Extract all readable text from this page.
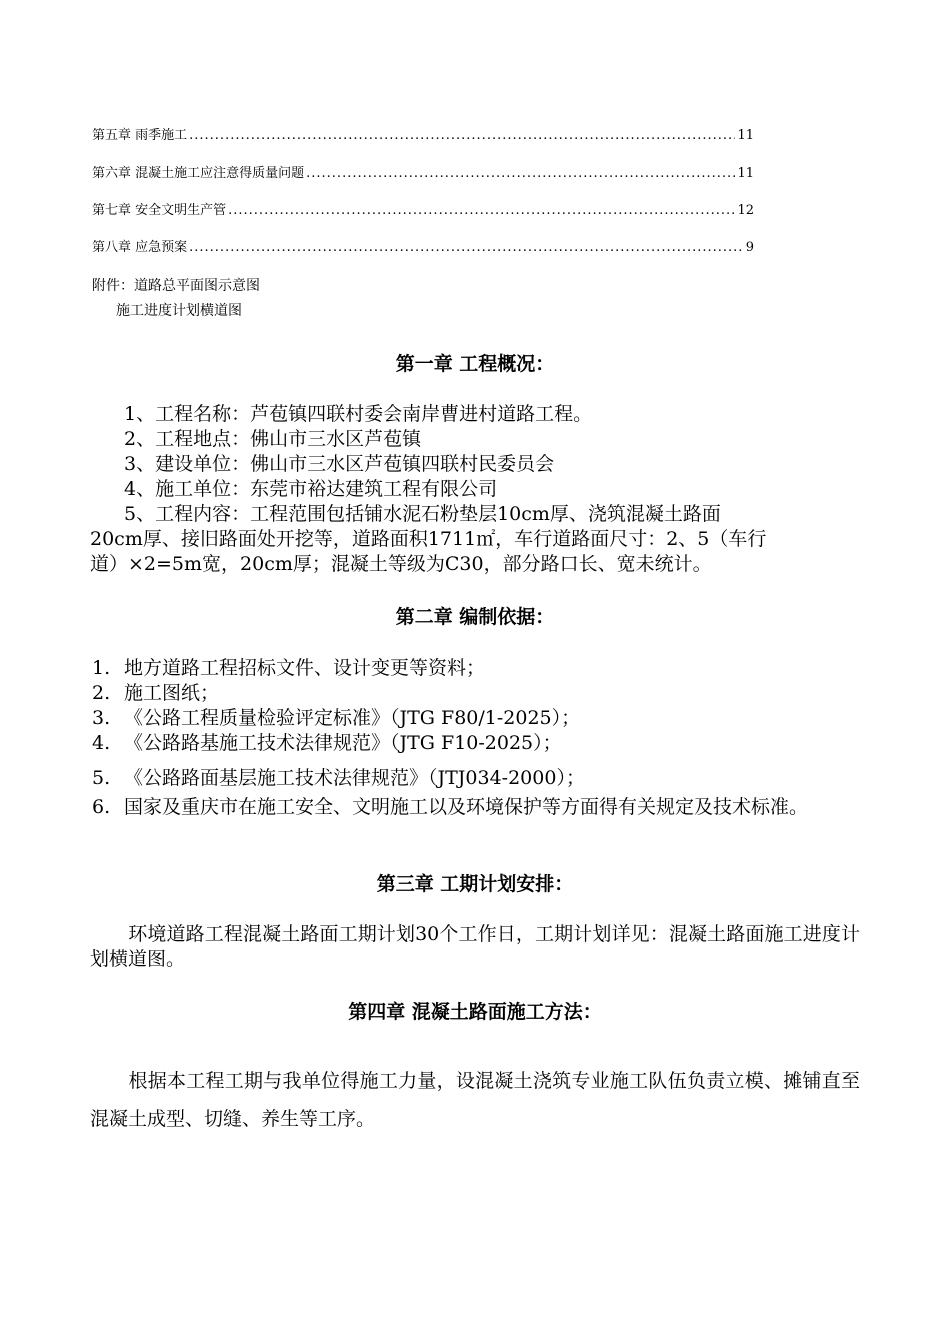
第五章 雨季施工 .....	11
第六章 混凝土施工应注意得质量问题 .....	11
第七章 安全文明生产管 .....	12
第八章 应急预案 .....	9
附件：道路总平面图示意图
施工进度计划横道图
第一章 工程概况：
1、工程名称：芦苞镇四联村委会南岸曹进村道路工程。
2、工程地点：佛山市三水区芦苞镇
3、建设单位：佛山市三水区芦苞镇四联村民委员会
4、施工单位：东莞市裕达建筑工程有限公司
5、工程内容：工程范围包括铺水泥石粉垫层10cm厚、浇筑混凝土路面
20cm厚、接旧路面处开挖等，道路面积1711㎡，车行道路面尺寸：2、5（车行
道）×2=5m宽，20cm厚；混凝土等级为C30，部分路口长、宽未统计。
第二章 编制依据：
1. 地方道路工程招标文件、设计变更等资料；
2. 施工图纸；
3. 《公路工程质量检验评定标准》（JTG F80/1-2025）；
4. 《公路路基施工技术法律规范》（JTG F10-2025）；
5. 《公路路面基层施工技术法律规范》（JTJ034-2000）；
6. 国家及重庆市在施工安全、文明施工以及环境保护等方面得有关规定及技术标准。
第三章 工期计划安排：
　　环境道路工程混凝土路面工期计划30个工作日，工期计划详见：混凝土路面施工进度计划横道图。
第四章 混凝土路面施工方法：
　　根据本工程工期与我单位得施工力量，设混凝土浇筑专业施工队伍负责立模、摊铺直至混凝土成型、切缝、养生等工序。
